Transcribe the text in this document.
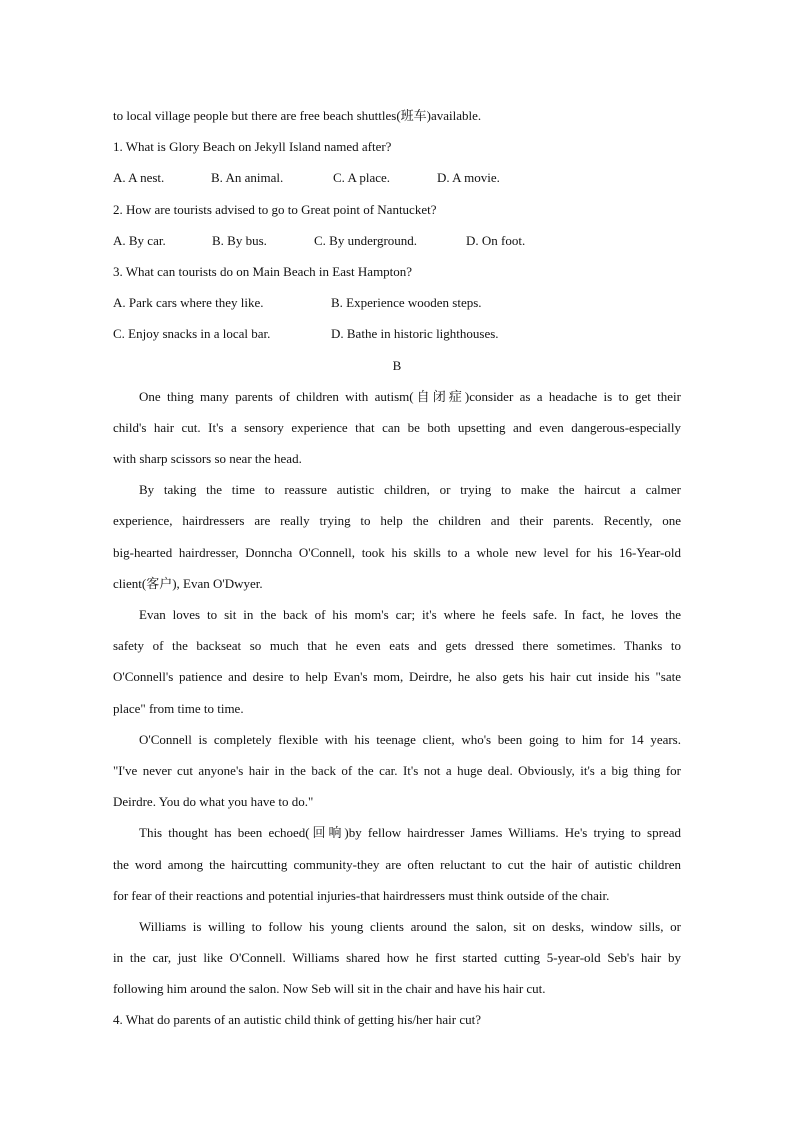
to local village people but there are free beach shuttles(班车)available.
1. What is Glory Beach on Jekyll Island named after?
A. A nest.	B. An animal.	C. A place.	D. A movie.
2. How are tourists advised to go to Great point of Nantucket?
A. By car.	B. By bus.	C. By underground.	D. On foot.
3. What can tourists do on Main Beach in East Hampton?
A. Park cars where they like.	B. Experience wooden steps.
C. Enjoy snacks in a local bar.	D. Bathe in historic lighthouses.
B
One thing many parents of children with autism(自闭症)consider as a headache is to get their
child's hair cut. It's a sensory experience that can be both upsetting and even dangerous-especially
with sharp scissors so near the head.
By taking the time to reassure autistic children, or trying to make the haircut a calmer
experience, hairdressers are really trying to help the children and their parents. Recently, one
big-hearted hairdresser, Donncha O'Connell, took his skills to a whole new level for his 16-Year-old
client(客户), Evan O'Dwyer.
Evan loves to sit in the back of his mom's car; it's where he feels safe. In fact, he loves the
safety of the backseat so much that he even eats and gets dressed there sometimes. Thanks to
O'Connell's patience and desire to help Evan's mom, Deirdre, he also gets his hair cut inside his "sate
place" from time to time.
O'Connell is completely flexible with his teenage client, who's been going to him for 14 years.
"I've never cut anyone's hair in the back of the car. It's not a huge deal. Obviously, it's a big thing for
Deirdre. You do what you have to do."
This thought has been echoed(回响)by fellow hairdresser James Williams. He's trying to spread
the word among the haircutting community-they are often reluctant to cut the hair of autistic children
for fear of their reactions and potential injuries-that hairdressers must think outside of the chair.
Williams is willing to follow his young clients around the salon, sit on desks, window sills, or
in the car, just like O'Connell. Williams shared how he first started cutting 5-year-old Seb's hair by
following him around the salon. Now Seb will sit in the chair and have his hair cut.
4. What do parents of an autistic child think of getting his/her hair cut?
